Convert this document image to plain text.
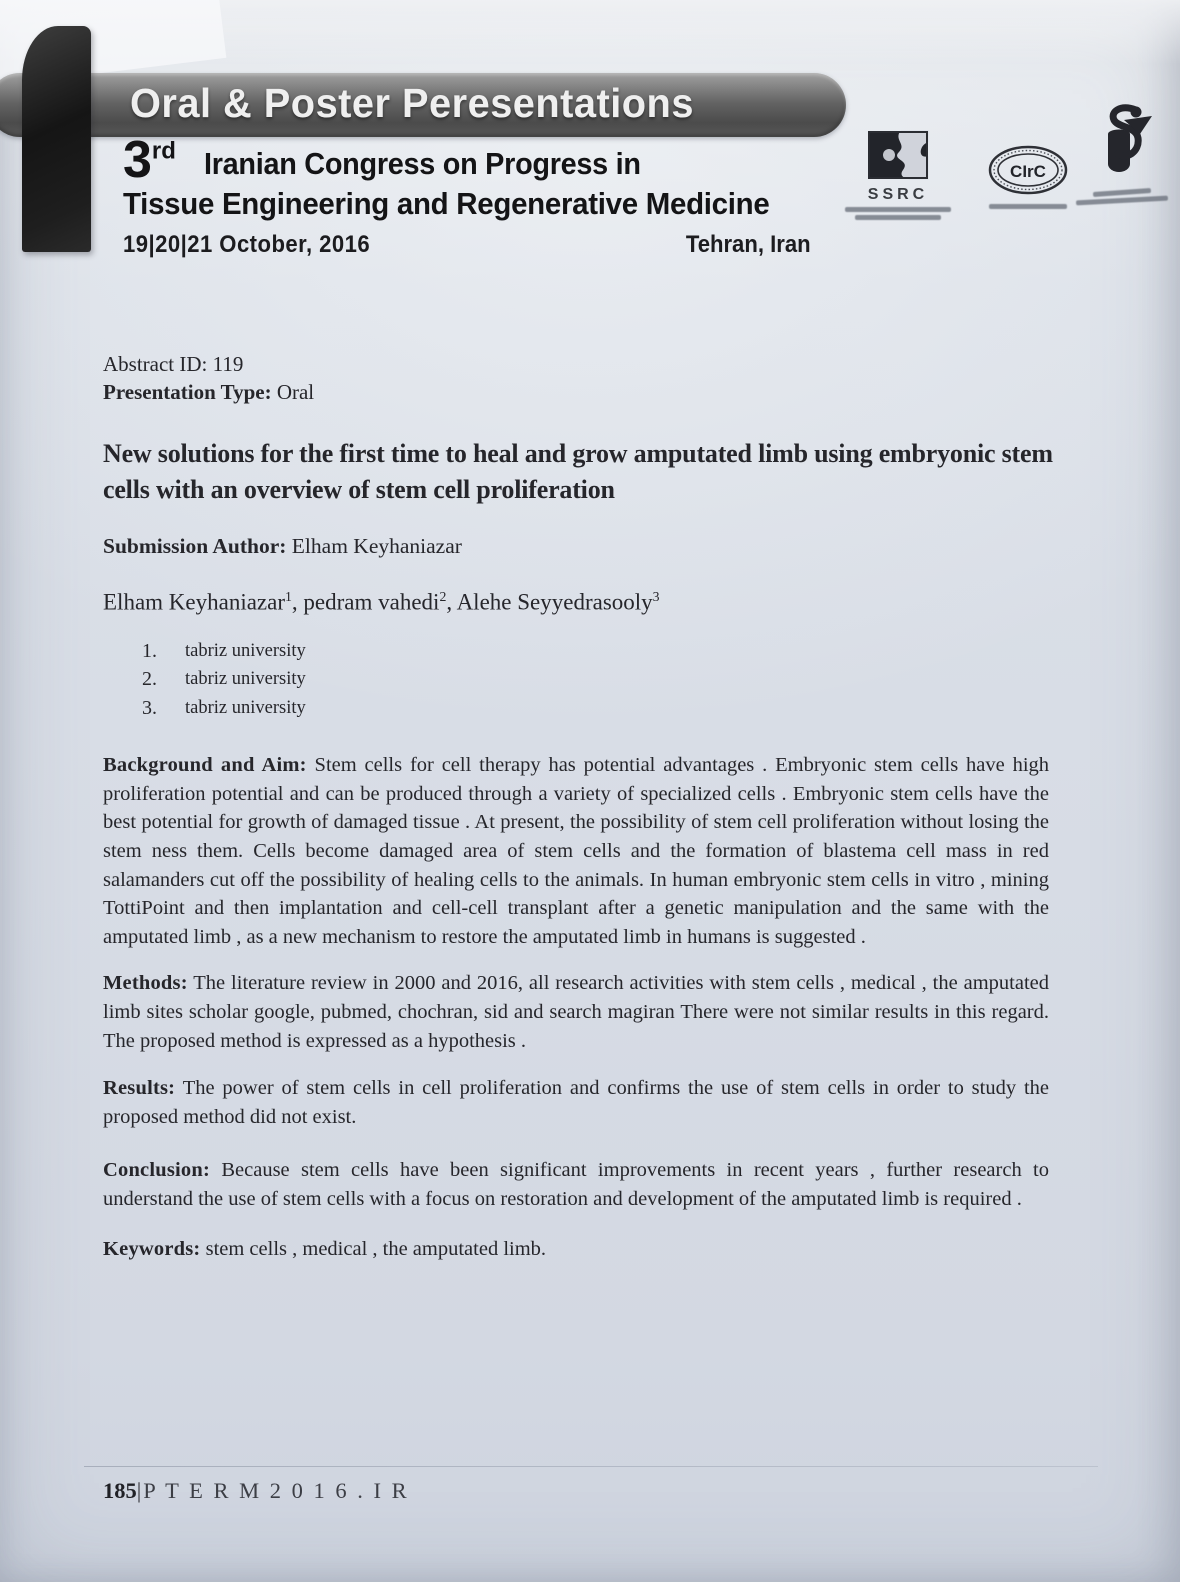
Oral & Poster Peresentations
3rd Iranian Congress on Progress in
Tissue Engineering and Regenerative Medicine
19|20|21 October, 2016	Tehran, Iran
SSRC
CIrC
Abstract ID: 119
Presentation Type: Oral
New solutions for the first time to heal and grow amputated limb using embryonic stem cells with an overview of stem cell proliferation
Submission Author: Elham Keyhaniazar
Elham Keyhaniazar$^1$, pedram vahedi$^2$, Alehe Seyyedrasooly$^3$
1.	tabriz university
2.	tabriz university
3.	tabriz university

Background and Aim: Stem cells for cell therapy has potential advantages . Embryonic stem cells have high proliferation potential and can be produced through a variety of specialized cells . Embryonic stem cells have the best potential for growth of damaged tissue . At present, the possibility of stem cell proliferation without losing the stem ness them. Cells become damaged area of stem cells and the formation of blastema cell mass in red salamanders cut off the possibility of healing cells to the animals. In human embryonic stem cells in vitro , mining TottiPoint and then implantation and cell-cell transplant after a genetic manipulation and the same with the amputated limb , as a new mechanism to restore the amputated limb in humans is suggested .

Methods: The literature review in 2000 and 2016, all research activities with stem cells , medical , the amputated limb sites scholar google, pubmed, chochran, sid and search magiran There were not similar results in this regard. The proposed method is expressed as a hypothesis .

Results: The power of stem cells in cell proliferation and confirms the use of stem cells in order to study the proposed method did not exist.

Conclusion: Because stem cells have been significant improvements in recent years , further research to understand the use of stem cells with a focus on restoration and development of the amputated limb is required .

Keywords: stem cells , medical , the amputated limb.

185|P T E R M 2 0 1 6 . I R
